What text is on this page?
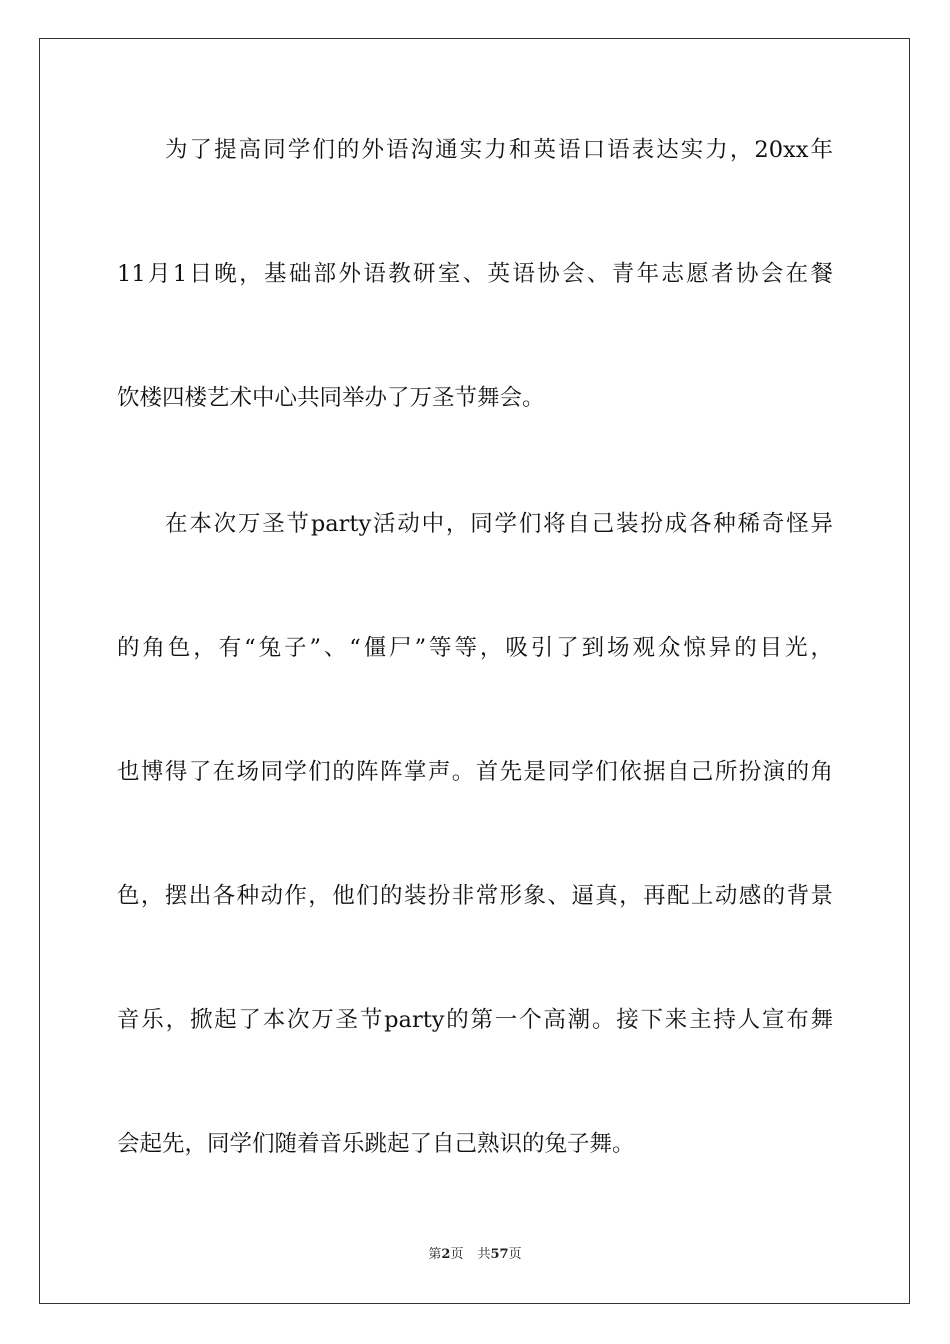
为了提高同学们的外语沟通实力和英语口语表达实力，20xx年
11月1日晚，基础部外语教研室、英语协会、青年志愿者协会在餐
饮楼四楼艺术中心共同举办了万圣节舞会。
在本次万圣节party活动中，同学们将自己装扮成各种稀奇怪异
的角色，有“兔子”、“僵尸”等等，吸引了到场观众惊异的目光，
也博得了在场同学们的阵阵掌声。首先是同学们依据自己所扮演的角
色，摆出各种动作，他们的装扮非常形象、逼真，再配上动感的背景
音乐，掀起了本次万圣节party的第一个高潮。接下来主持人宣布舞
会起先，同学们随着音乐跳起了自己熟识的兔子舞。
第2页 共57页
